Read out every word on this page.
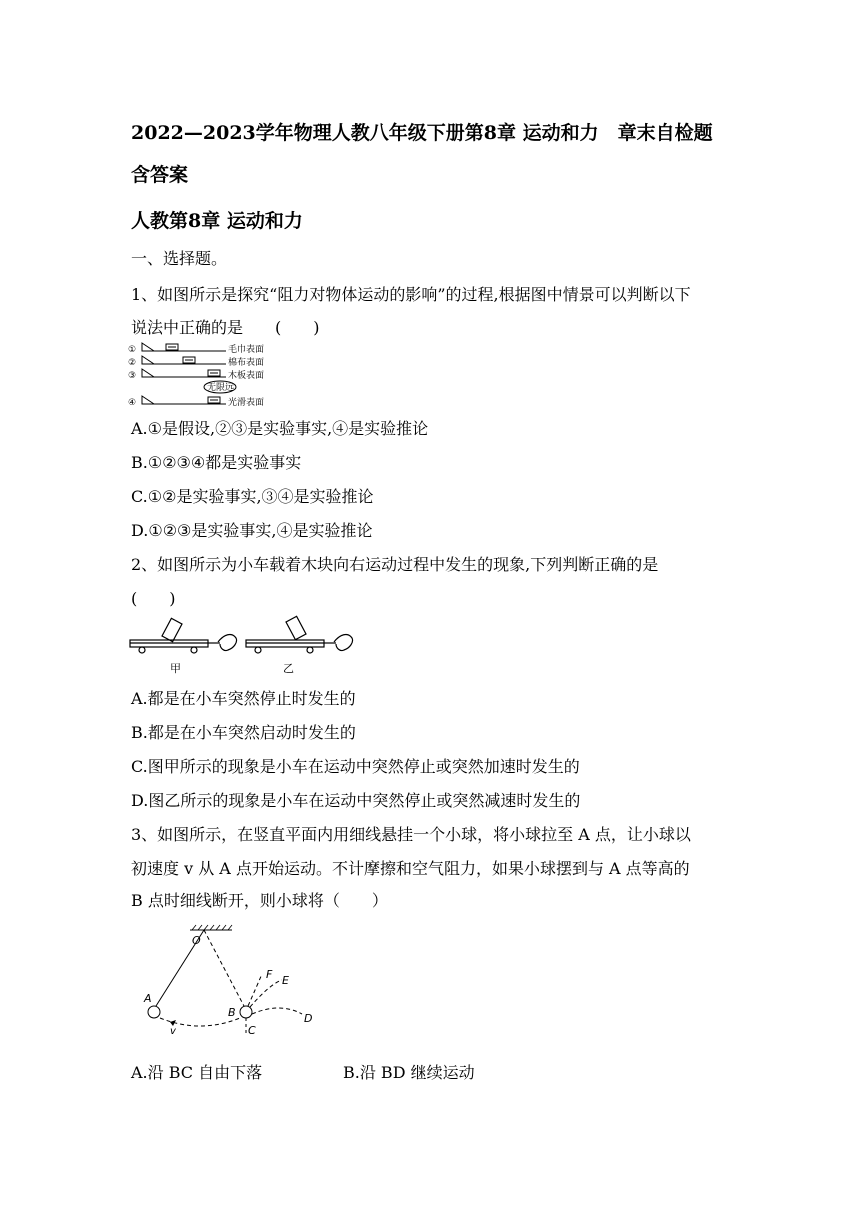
2022—2023学年物理人教八年级下册第8章 运动和力　章末自检题
含答案
人教第8章 运动和力
一、选择题。
1、如图所示是探究“阻力对物体运动的影响”的过程,根据图中情景可以判断以下
说法中正确的是　　(　　)
①	毛巾表面
②	棉布表面
③	木板表面
无限远
④	光滑表面
A.①是假设,②③是实验事实,④是实验推论
B.①②③④都是实验事实
C.①②是实验事实,③④是实验推论
D.①②③是实验事实,④是实验推论
2、如图所示为小车载着木块向右运动过程中发生的现象,下列判断正确的是
(　　)
甲	乙
A.都是在小车突然停止时发生的
B.都是在小车突然启动时发生的
C.图甲所示的现象是小车在运动中突然停止或突然加速时发生的
D.图乙所示的现象是小车在运动中突然停止或突然减速时发生的
3、如图所示，在竖直平面内用细线悬挂一个小球，将小球拉至 A 点，让小球以
初速度 v 从 A 点开始运动。不计摩擦和空气阻力，如果小球摆到与 A 点等高的
B 点时细线断开，则小球将（　　）
O
A
B
C
D
E
F
v
A.沿 BC 自由下落	B.沿 BD 继续运动
